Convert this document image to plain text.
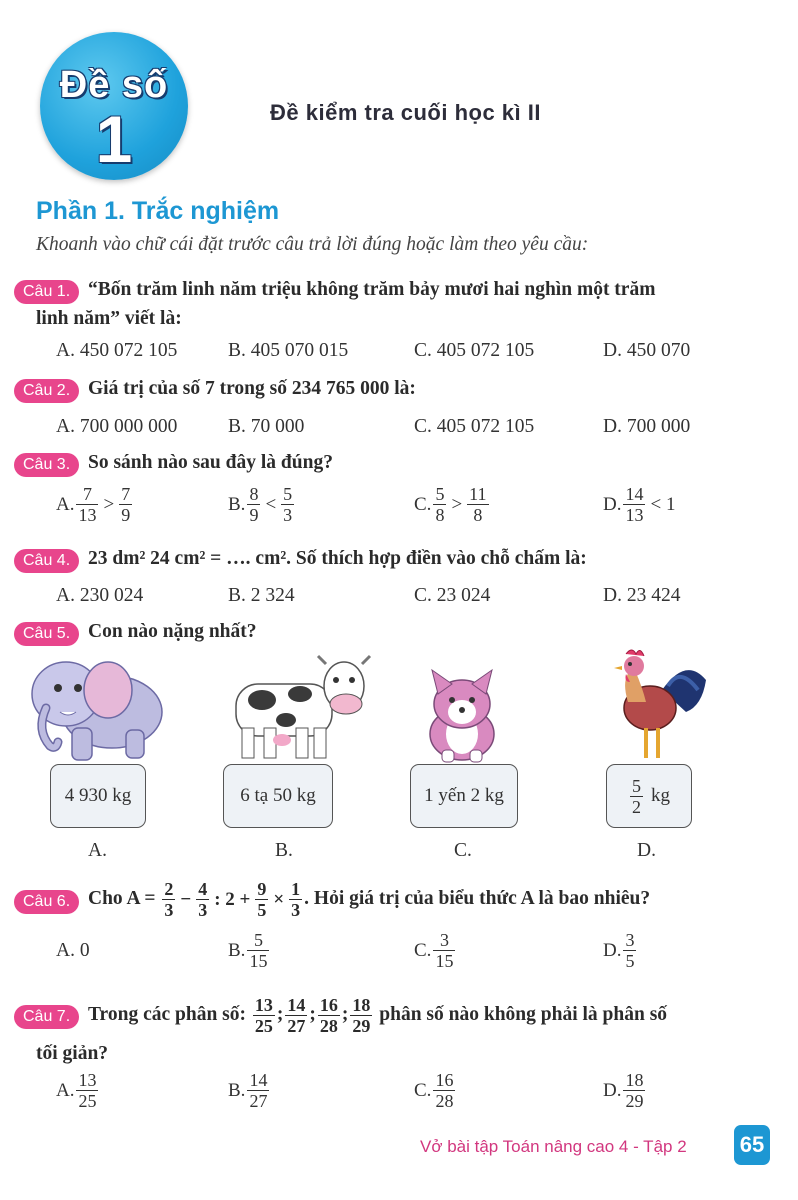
Đề số
1	Đề kiểm tra cuối học kì II
Phần 1. Trắc nghiệm
Khoanh vào chữ cái đặt trước câu trả lời đúng hoặc làm theo yêu cầu:
Câu 1. “Bốn trăm linh năm triệu không trăm bảy mươi hai nghìn một trăm
linh năm” viết là:
A. 450 072 105	B. 405 070 015	C. 405 072 105	D. 450 070
Câu 2. Giá trị của số 7 trong số 234 765 000 là:
A. 700 000 000	B. 70 000	C. 405 072 105	D. 700 000
Câu 3. So sánh nào sau đây là đúng?
A. $\frac{7}{13} > \frac{7}{9}$	B. $\frac{8}{9} < \frac{5}{3}$	C. $\frac{5}{8} > \frac{11}{8}$	D. $\frac{14}{13} < 1$
Câu 4. 23 dm² 24 cm² = …. cm². Số thích hợp điền vào chỗ chấm là:
A. 230 024	B. 2 324	C. 23 024	D. 23 424
Câu 5. Con nào nặng nhất?
4 930 kg	6 tạ 50 kg	1 yến 2 kg	$\frac{5}{2}$ kg
A.	B.	C.	D.
Câu 6. Cho $A = \frac{2}{3} - \frac{4}{3}$ : $2 + \frac{9}{5} \times \frac{1}{3}$ . Hỏi giá trị của biểu thức A là bao nhiêu?
A. 0	B. $\frac{5}{15}$	C. $\frac{3}{15}$	D. $\frac{3}{5}$
Câu 7. Trong các phân số: $\frac{13}{25}$ ; $\frac{14}{27}$ ; $\frac{16}{28}$ ; $\frac{18}{29}$ phân số nào không phải là phân số
tối giản?
A. $\frac{13}{25}$	B. $\frac{14}{27}$	C. $\frac{16}{28}$	D. $\frac{18}{29}$
Vở bài tập Toán nâng cao 4 - Tập 2 65
